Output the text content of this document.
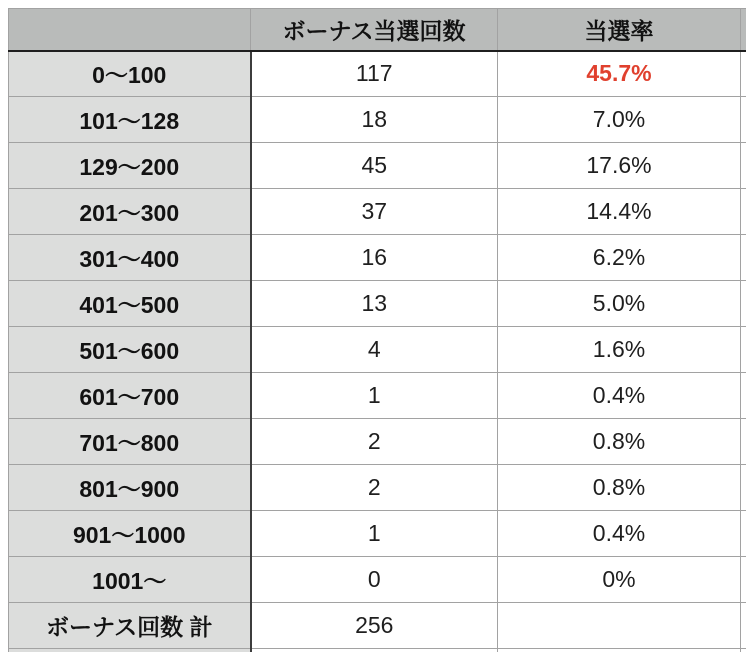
	ボーナス当選回数	当選率	
0〜100	117	45.7%	
101〜128	18	7.0%	
129〜200	45	17.6%	
201〜300	37	14.4%	
301〜400	16	6.2%	
401〜500	13	5.0%	
501〜600	4	1.6%	
601〜700	1	0.4%	
701〜800	2	0.8%	
801〜900	2	0.8%	
901〜1000	1	0.4%	
1001〜	0	0%	
ボーナス回数 計	256		
